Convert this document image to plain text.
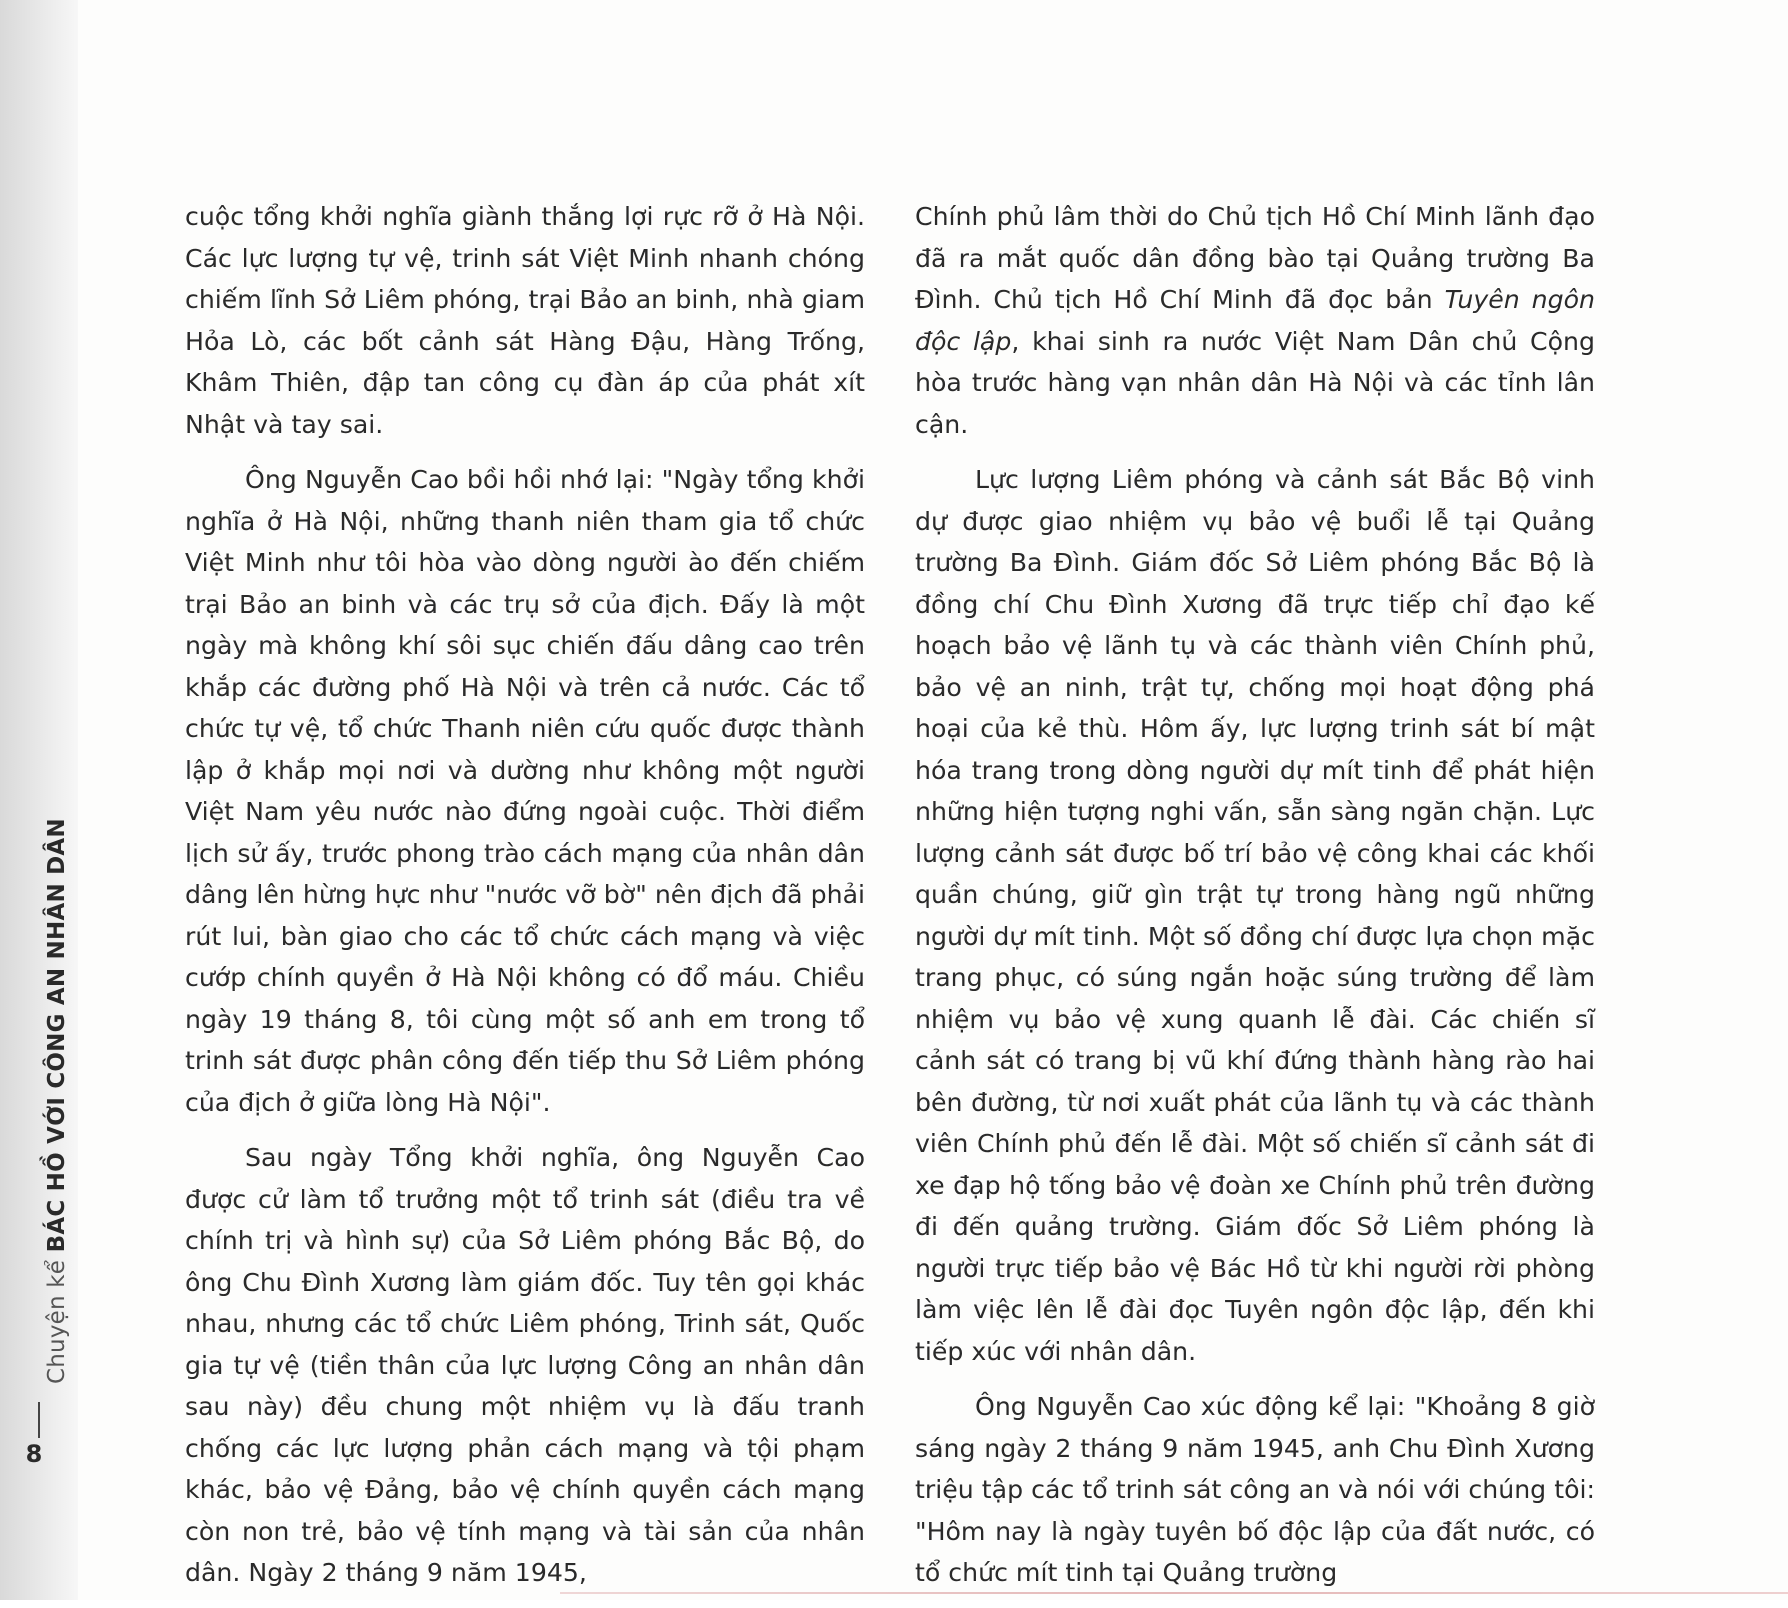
Chuyện kể BÁC HỒ VỚI CÔNG AN NHÂN DÂN
8

cuộc tổng khởi nghĩa giành thắng lợi rực rỡ ở Hà Nội. Các lực lượng tự vệ, trinh sát Việt Minh nhanh chóng chiếm lĩnh Sở Liêm phóng, trại Bảo an binh, nhà giam Hỏa Lò, các bốt cảnh sát Hàng Đậu, Hàng Trống, Khâm Thiên, đập tan công cụ đàn áp của phát xít Nhật và tay sai.

Ông Nguyễn Cao bồi hồi nhớ lại: "Ngày tổng khởi nghĩa ở Hà Nội, những thanh niên tham gia tổ chức Việt Minh như tôi hòa vào dòng người ào đến chiếm trại Bảo an binh và các trụ sở của địch. Đấy là một ngày mà không khí sôi sục chiến đấu dâng cao trên khắp các đường phố Hà Nội và trên cả nước. Các tổ chức tự vệ, tổ chức Thanh niên cứu quốc được thành lập ở khắp mọi nơi và dường như không một người Việt Nam yêu nước nào đứng ngoài cuộc. Thời điểm lịch sử ấy, trước phong trào cách mạng của nhân dân dâng lên hừng hực như "nước vỡ bờ" nên địch đã phải rút lui, bàn giao cho các tổ chức cách mạng và việc cướp chính quyền ở Hà Nội không có đổ máu. Chiều ngày 19 tháng 8, tôi cùng một số anh em trong tổ trinh sát được phân công đến tiếp thu Sở Liêm phóng của địch ở giữa lòng Hà Nội".

Sau ngày Tổng khởi nghĩa, ông Nguyễn Cao được cử làm tổ trưởng một tổ trinh sát (điều tra về chính trị và hình sự) của Sở Liêm phóng Bắc Bộ, do ông Chu Đình Xương làm giám đốc. Tuy tên gọi khác nhau, nhưng các tổ chức Liêm phóng, Trinh sát, Quốc gia tự vệ (tiền thân của lực lượng Công an nhân dân sau này) đều chung một nhiệm vụ là đấu tranh chống các lực lượng phản cách mạng và tội phạm khác, bảo vệ Đảng, bảo vệ chính quyền cách mạng còn non trẻ, bảo vệ tính mạng và tài sản của nhân dân. Ngày 2 tháng 9 năm 1945,

Chính phủ lâm thời do Chủ tịch Hồ Chí Minh lãnh đạo đã ra mắt quốc dân đồng bào tại Quảng trường Ba Đình. Chủ tịch Hồ Chí Minh đã đọc bản Tuyên ngôn độc lập, khai sinh ra nước Việt Nam Dân chủ Cộng hòa trước hàng vạn nhân dân Hà Nội và các tỉnh lân cận.

Lực lượng Liêm phóng và cảnh sát Bắc Bộ vinh dự được giao nhiệm vụ bảo vệ buổi lễ tại Quảng trường Ba Đình. Giám đốc Sở Liêm phóng Bắc Bộ là đồng chí Chu Đình Xương đã trực tiếp chỉ đạo kế hoạch bảo vệ lãnh tụ và các thành viên Chính phủ, bảo vệ an ninh, trật tự, chống mọi hoạt động phá hoại của kẻ thù. Hôm ấy, lực lượng trinh sát bí mật hóa trang trong dòng người dự mít tinh để phát hiện những hiện tượng nghi vấn, sẵn sàng ngăn chặn. Lực lượng cảnh sát được bố trí bảo vệ công khai các khối quần chúng, giữ gìn trật tự trong hàng ngũ những người dự mít tinh. Một số đồng chí được lựa chọn mặc trang phục, có súng ngắn hoặc súng trường để làm nhiệm vụ bảo vệ xung quanh lễ đài. Các chiến sĩ cảnh sát có trang bị vũ khí đứng thành hàng rào hai bên đường, từ nơi xuất phát của lãnh tụ và các thành viên Chính phủ đến lễ đài. Một số chiến sĩ cảnh sát đi xe đạp hộ tống bảo vệ đoàn xe Chính phủ trên đường đi đến quảng trường. Giám đốc Sở Liêm phóng là người trực tiếp bảo vệ Bác Hồ từ khi người rời phòng làm việc lên lễ đài đọc Tuyên ngôn độc lập, đến khi tiếp xúc với nhân dân.

Ông Nguyễn Cao xúc động kể lại: "Khoảng 8 giờ sáng ngày 2 tháng 9 năm 1945, anh Chu Đình Xương triệu tập các tổ trinh sát công an và nói với chúng tôi: "Hôm nay là ngày tuyên bố độc lập của đất nước, có tổ chức mít tinh tại Quảng trường
